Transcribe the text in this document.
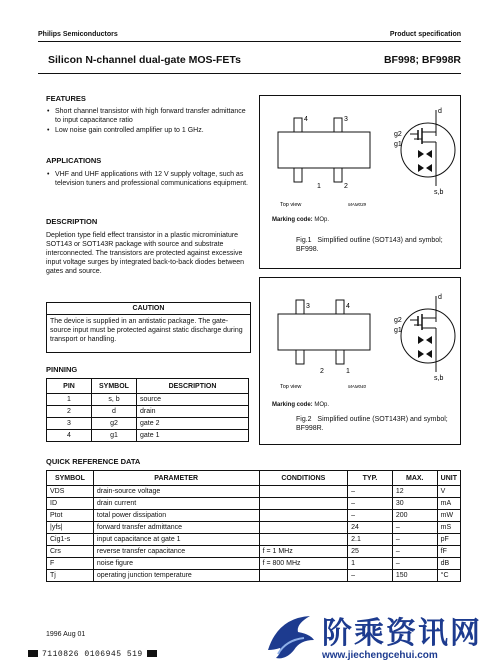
Philips Semiconductors	Product specification
Silicon N-channel dual-gate MOS-FETs	BF998; BF998R
FEATURES
• Short channel transistor with high forward transfer admittance to input capacitance ratio
• Low noise gain controlled amplifier up to 1 GHz.
APPLICATIONS
• VHF and UHF applications with 12 V supply voltage, such as television tuners and professional communications equipment.
DESCRIPTION
Depletion type field effect transistor in a plastic microminiature SOT143 or SOT143R package with source and substrate interconnected. The transistors are protected against excessive input voltage surges by integrated back-to-back diodes between gates and source.
CAUTION
The device is supplied in an antistatic package. The gate-source input must be protected against static discharge during transport or handling.
PINNING
PIN	SYMBOL	DESCRIPTION
1	s, b	source
2	d	drain
3	g2	gate 2
4	g1	gate 1
4	3
1	2
Top view	MAM039
d
g2
g1
s,b
Marking code: MOp.
Fig.1 Simplified outline (SOT143) and symbol; BF998.
3	4
2	1
Top view	MAM040
d
g2
g1
s,b
Marking code: MOp.
Fig.2 Simplified outline (SOT143R) and symbol; BF998R.
QUICK REFERENCE DATA
SYMBOL	PARAMETER	CONDITIONS	TYP.	MAX.	UNIT
VDS	drain-source voltage		–	12	V
ID	drain current		–	30	mA
Ptot	total power dissipation		–	200	mW
|yfs|	forward transfer admittance		24	–	mS
Cig1-s	input capacitance at gate 1		2.1	–	pF
Crs	reverse transfer capacitance	f = 1 MHz	25	–	fF
F	noise figure	f = 800 MHz	1	–	dB
Tj	operating junction temperature		–	150	°C
1996 Aug 01
7110826 0106945 519
阶乘资讯网
www.jiechengcehui.com
